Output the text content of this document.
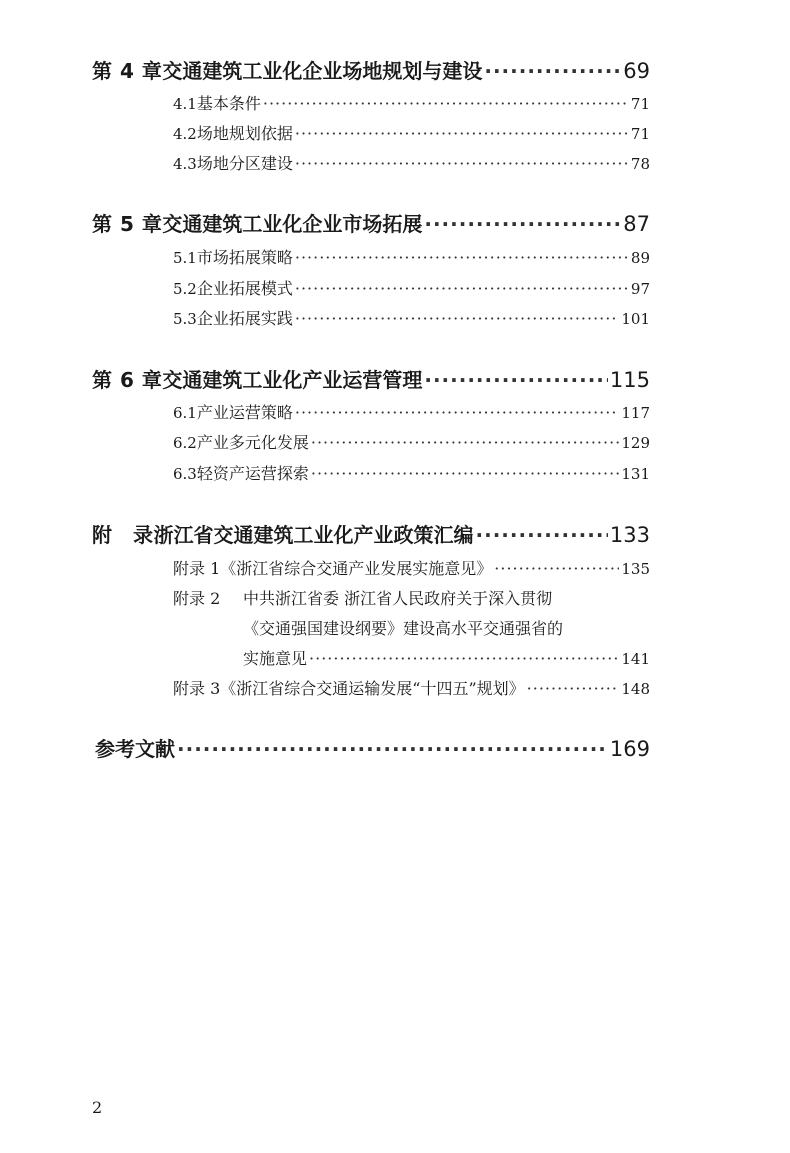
第 4 章 交通建筑工业化企业场地规划与建设 ·····	69
4.1 基本条件 ·····	71
4.2 场地规划依据 ·····	71
4.3 场地分区建设 ·····	78
第 5 章 交通建筑工业化企业市场拓展 ·····	87
5.1 市场拓展策略 ·····	89
5.2 企业拓展模式 ·····	97
5.3 企业拓展实践 ·····	101
第 6 章 交通建筑工业化产业运营管理 ·····	115
6.1 产业运营策略 ·····	117
6.2 产业多元化发展 ·····	129
6.3 轻资产运营探索 ·····	131
附　录 浙江省交通建筑工业化产业政策汇编 ·····	133
附录 1 《浙江省综合交通产业发展实施意见》 ·····	135
附录 2	中共浙江省委 浙江省人民政府关于深入贯彻
《交通强国建设纲要》建设高水平交通强省的
实施意见 ·····	141
附录 3 《浙江省综合交通运输发展“十四五”规划》 ·····	148
参考文献 ·····	169
2
